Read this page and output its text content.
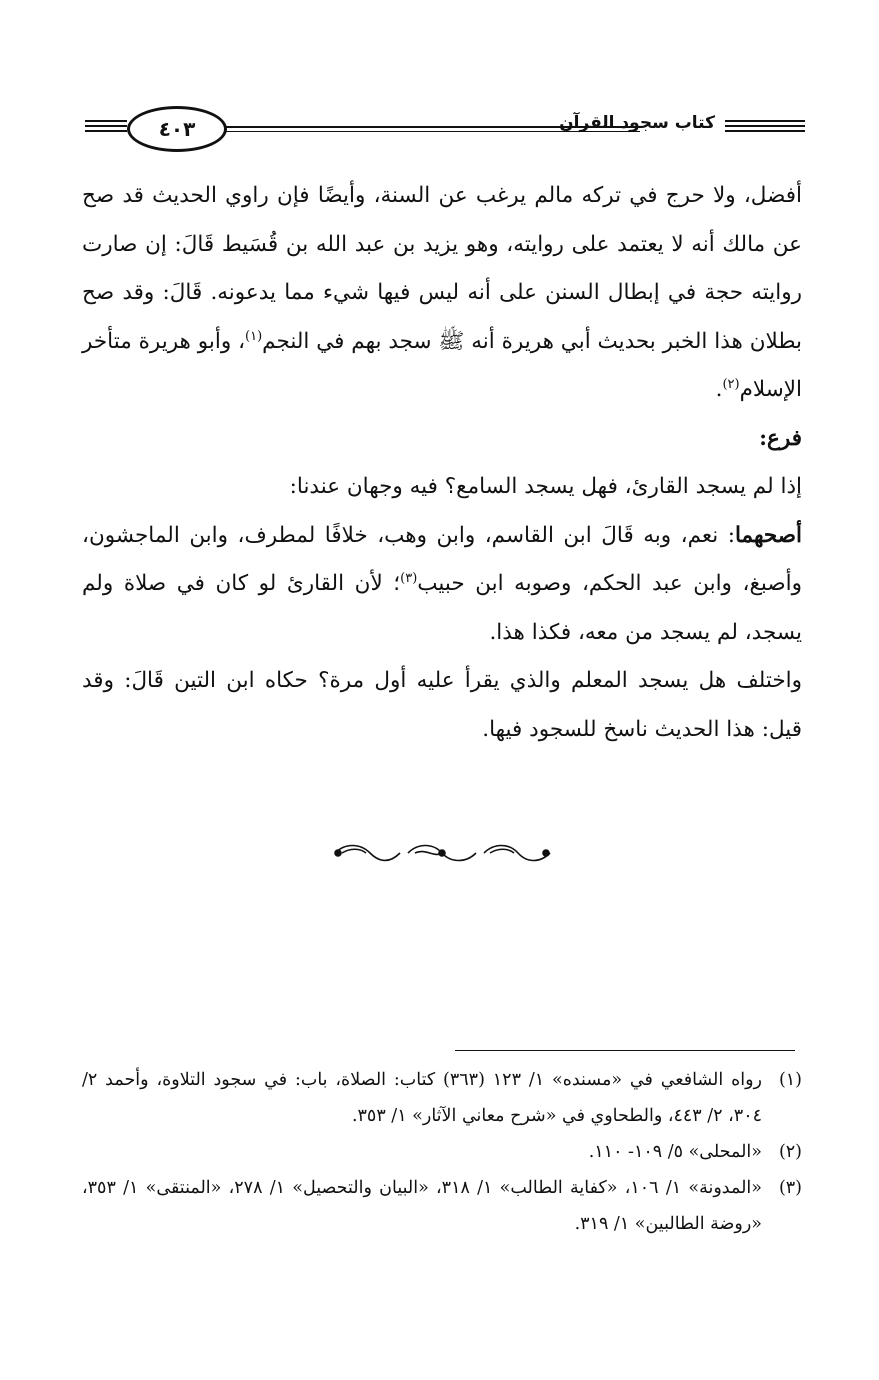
٤٠٣	كتاب سجود القرآن

أفضل، ولا حرج في تركه مالم يرغب عن السنة، وأيضًا فإن راوي الحديث قد صح عن مالك أنه لا يعتمد على روايته، وهو يزيد بن عبد الله بن قُسَيط قَالَ: إن صارت روايته حجة في إبطال السنن على أنه ليس فيها شيء مما يدعونه. قَالَ: وقد صح بطلان هذا الخبر بحديث أبي هريرة أنه ﷺ سجد بهم في النجم$^{(١)}$، وأبو هريرة متأخر الإسلام$^{(٢)}$.

فرع:

إذا لم يسجد القارئ، فهل يسجد السامع؟ فيه وجهان عندنا:

أصحهما: نعم، وبه قَالَ ابن القاسم، وابن وهب، خلافًا لمطرف، وابن الماجشون، وأصبغ، وابن عبد الحكم، وصوبه ابن حبيب$^{(٣)}$؛ لأن القارئ لو كان في صلاة ولم يسجد، لم يسجد من معه، فكذا هذا.

واختلف هل يسجد المعلم والذي يقرأ عليه أول مرة؟ حكاه ابن التين قَالَ: وقد قيل: هذا الحديث ناسخ للسجود فيها.

(١)
رواه الشافعي في «مسنده» ١/ ١٢٣ (٣٦٣) كتاب: الصلاة، باب: في سجود التلاوة، وأحمد ٢/ ٣٠٤، ٢/ ٤٤٣، والطحاوي في «شرح معاني الآثار» ١/ ٣٥٣.
(٢)
«المحلى» ٥/ ١٠٩- ١١٠.
(٣)
«المدونة» ١/ ١٠٦، «كفاية الطالب» ١/ ٣١٨، «البيان والتحصيل» ١/ ٢٧٨، «المنتقى» ١/ ٣٥٣، «روضة الطالبين» ١/ ٣١٩.
